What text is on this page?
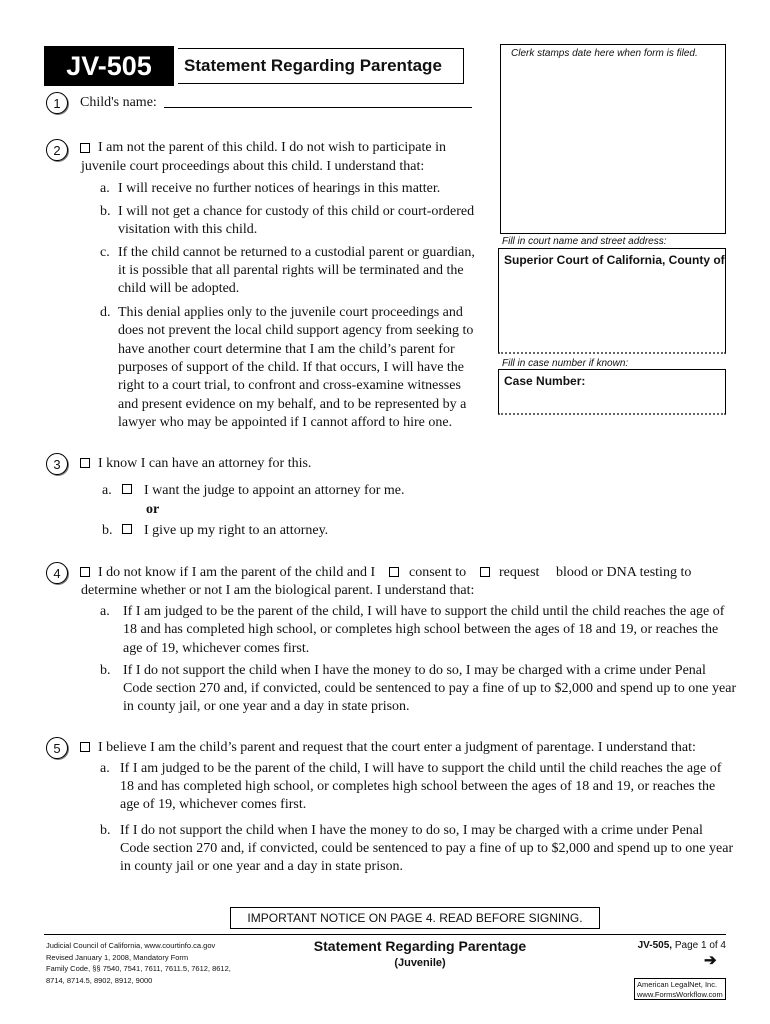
JV-505	Statement Regarding Parentage
Clerk stamps date here when form is filed.
Fill in court name and street address:
Superior Court of California, County of
Fill in case number if known:
Case Number:
1	Child's name:
2	I am not the parent of this child. I do not wish to participate in
juvenile court proceedings about this child. I understand that:
a. I will receive no further notices of hearings in this matter.
b. I will not get a chance for custody of this child or court-ordered
visitation with this child.
c. If the child cannot be returned to a custodial parent or guardian,
it is possible that all parental rights will be terminated and the
child will be adopted.
d. This denial applies only to the juvenile court proceedings and
does not prevent the local child support agency from seeking to
have another court determine that I am the child’s parent for
purposes of support of the child. If that occurs, I will have the
right to a court trial, to confront and cross-examine witnesses
and present evidence on my behalf, and to be represented by a
lawyer who may be appointed if I cannot afford to hire one.
3	I know I can have an attorney for this.
a. I want the judge to appoint an attorney for me.
or
b. I give up my right to an attorney.
4	I do not know if I am the parent of the child and I consent to request blood or DNA testing to
determine whether or not I am the biological parent. I understand that:
a. If I am judged to be the parent of the child, I will have to support the child until the child reaches the age of
18 and has completed high school, or completes high school between the ages of 18 and 19, or reaches the
age of 19, whichever comes first.
b. If I do not support the child when I have the money to do so, I may be charged with a crime under Penal
Code section 270 and, if convicted, could be sentenced to pay a fine of up to $2,000 and spend up to one year
in county jail, or one year and a day in state prison.
5	I believe I am the child’s parent and request that the court enter a judgment of parentage. I understand that:
a. If I am judged to be the parent of the child, I will have to support the child until the child reaches the age of
18 and has completed high school, or completes high school between the ages of 18 and 19, or reaches the
age of 19, whichever comes first.
b. If I do not support the child when I have the money to do so, I may be charged with a crime under Penal
Code section 270 and, if convicted, could be sentenced to pay a fine of up to $2,000 and spend up to one year
in county jail or one year and a day in state prison.
IMPORTANT NOTICE ON PAGE 4. READ BEFORE SIGNING.
Judicial Council of California, www.courtinfo.ca.gov
Revised January 1, 2008, Mandatory Form
Family Code, §§ 7540, 7541, 7611, 7611.5, 7612, 8612,
8714, 8714.5, 8902, 8912, 9000
Statement Regarding Parentage
(Juvenile)
JV-505, Page 1 of 4
➔
American LegalNet, Inc.
www.FormsWorkflow.com
